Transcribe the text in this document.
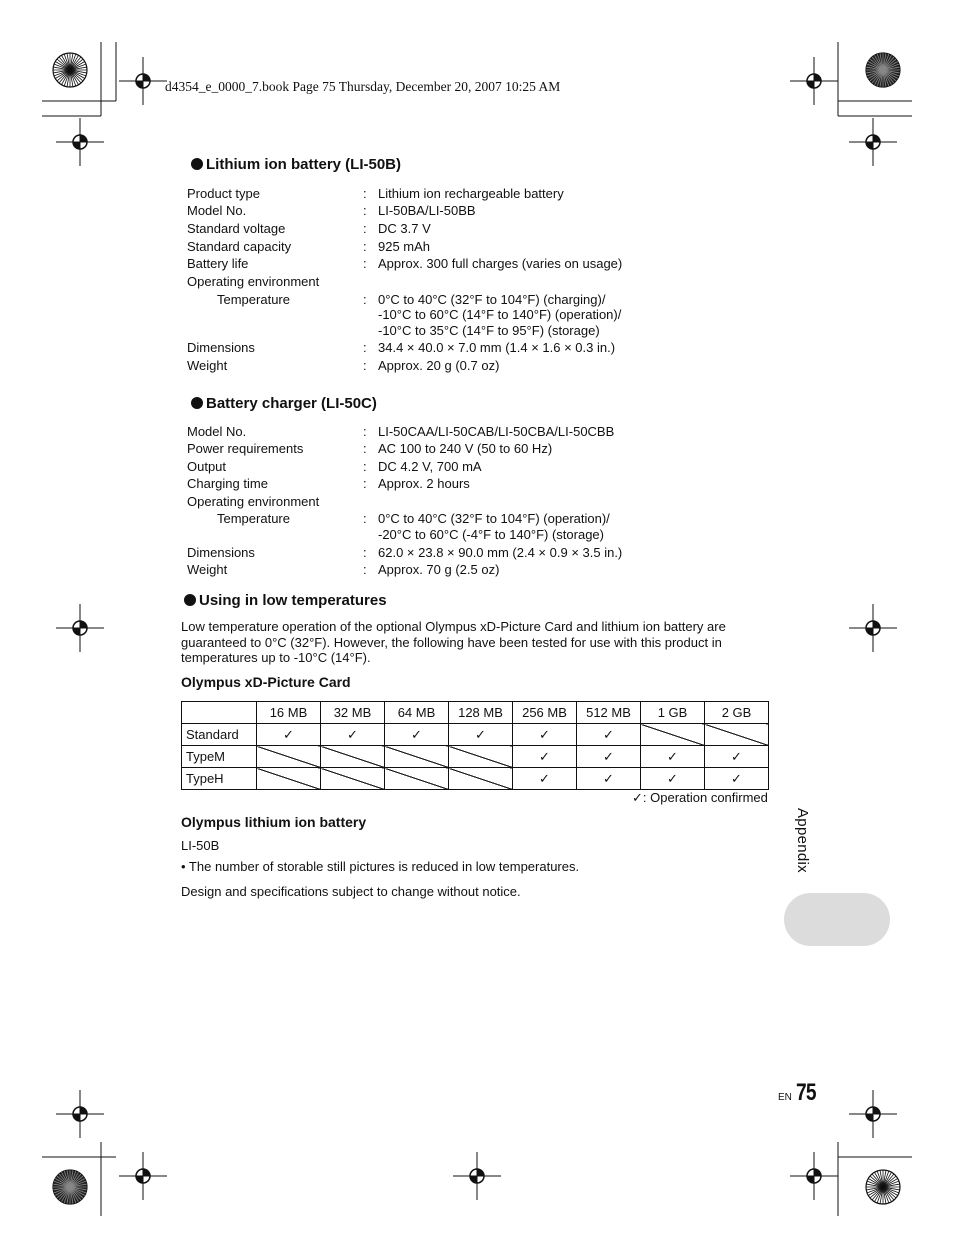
d4354_e_0000_7.book Page 75 Thursday, December 20, 2007 10:25 AM
Lithium ion battery (LI-50B)
Product type	: Lithium ion rechargeable battery
Model No.	: LI-50BA/LI-50BB
Standard voltage	: DC 3.7 V
Standard capacity	: 925 mAh
Battery life	: Approx. 300 full charges (varies on usage)
Operating environment
Temperature	: 0°C to 40°C (32°F to 104°F) (charging)/
-10°C to 60°C (14°F to 140°F) (operation)/
-10°C to 35°C (14°F to 95°F) (storage)
Dimensions	: 34.4 × 40.0 × 7.0 mm (1.4 × 1.6 × 0.3 in.)
Weight	: Approx. 20 g (0.7 oz)
Battery charger (LI-50C)
Model No.	: LI-50CAA/LI-50CAB/LI-50CBA/LI-50CBB
Power requirements	: AC 100 to 240 V (50 to 60 Hz)
Output	: DC 4.2 V, 700 mA
Charging time	: Approx. 2 hours
Operating environment
Temperature	: 0°C to 40°C (32°F to 104°F) (operation)/
-20°C to 60°C (-4°F to 140°F) (storage)
Dimensions	: 62.0 × 23.8 × 90.0 mm (2.4 × 0.9 × 3.5 in.)
Weight	: Approx. 70 g (2.5 oz)
Using in low temperatures
Low temperature operation of the optional Olympus xD-Picture Card and lithium ion battery are guaranteed to 0°C (32°F). However, the following have been tested for use with this product in temperatures up to -10°C (14°F).
Olympus xD-Picture Card
	16 MB	32 MB	64 MB	128 MB	256 MB	512 MB	1 GB	2 GB
Standard	✓	✓	✓	✓	✓	✓		
TypeM					✓	✓	✓	✓
TypeH					✓	✓	✓	✓
✓: Operation confirmed
Olympus lithium ion battery
LI-50B
• The number of storable still pictures is reduced in low temperatures.
Design and specifications subject to change without notice.
Appendix
EN 75
